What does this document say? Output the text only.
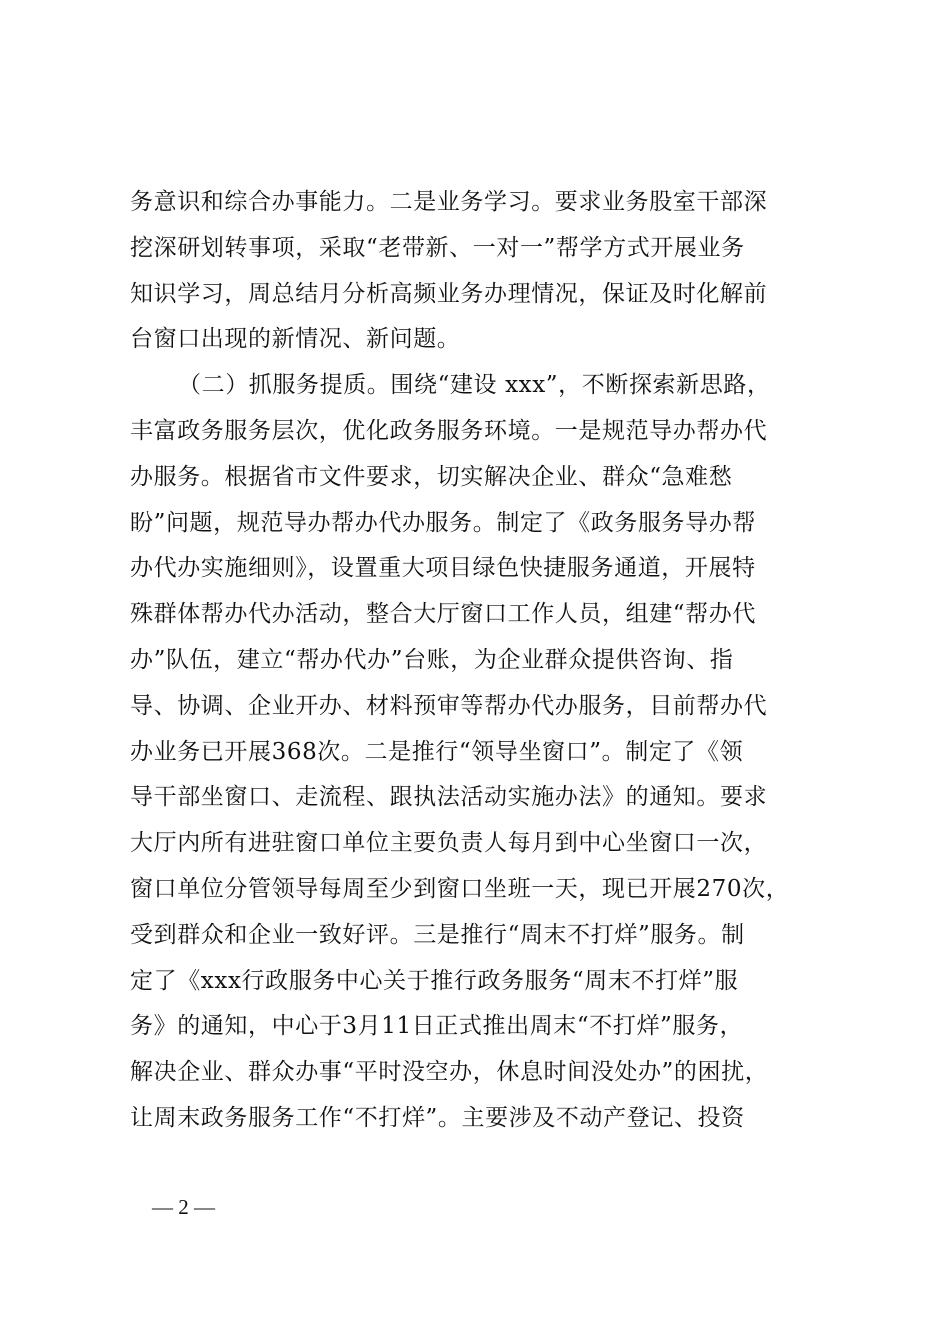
务意识和综合办事能力。二是业务学习。要求业务股室干部深
挖深研划转事项，采取“老带新、一对一”帮学方式开展业务
知识学习，周总结月分析高频业务办理情况，保证及时化解前
台窗口出现的新情况、新问题。
（二）抓服务提质。围绕“建设 xxx”，不断探索新思路，
丰富政务服务层次，优化政务服务环境。一是规范导办帮办代
办服务。根据省市文件要求，切实解决企业、群众“急难愁
盼”问题，规范导办帮办代办服务。制定了《政务服务导办帮
办代办实施细则》，设置重大项目绿色快捷服务通道，开展特
殊群体帮办代办活动，整合大厅窗口工作人员，组建“帮办代
办”队伍，建立“帮办代办”台账，为企业群众提供咨询、指
导、协调、企业开办、材料预审等帮办代办服务，目前帮办代
办业务已开展368次。二是推行“领导坐窗口”。制定了《领
导干部坐窗口、走流程、跟执法活动实施办法》的通知。要求
大厅内所有进驻窗口单位主要负责人每月到中心坐窗口一次，
窗口单位分管领导每周至少到窗口坐班一天，现已开展270次，
受到群众和企业一致好评。三是推行“周末不打烊”服务。制
定了《xxx行政服务中心关于推行政务服务“周末不打烊”服
务》的通知，中心于3月11日正式推出周末“不打烊”服务，
解决企业、群众办事“平时没空办，休息时间没处办”的困扰，
让周末政务服务工作“不打烊”。主要涉及不动产登记、投资
— 2 —
